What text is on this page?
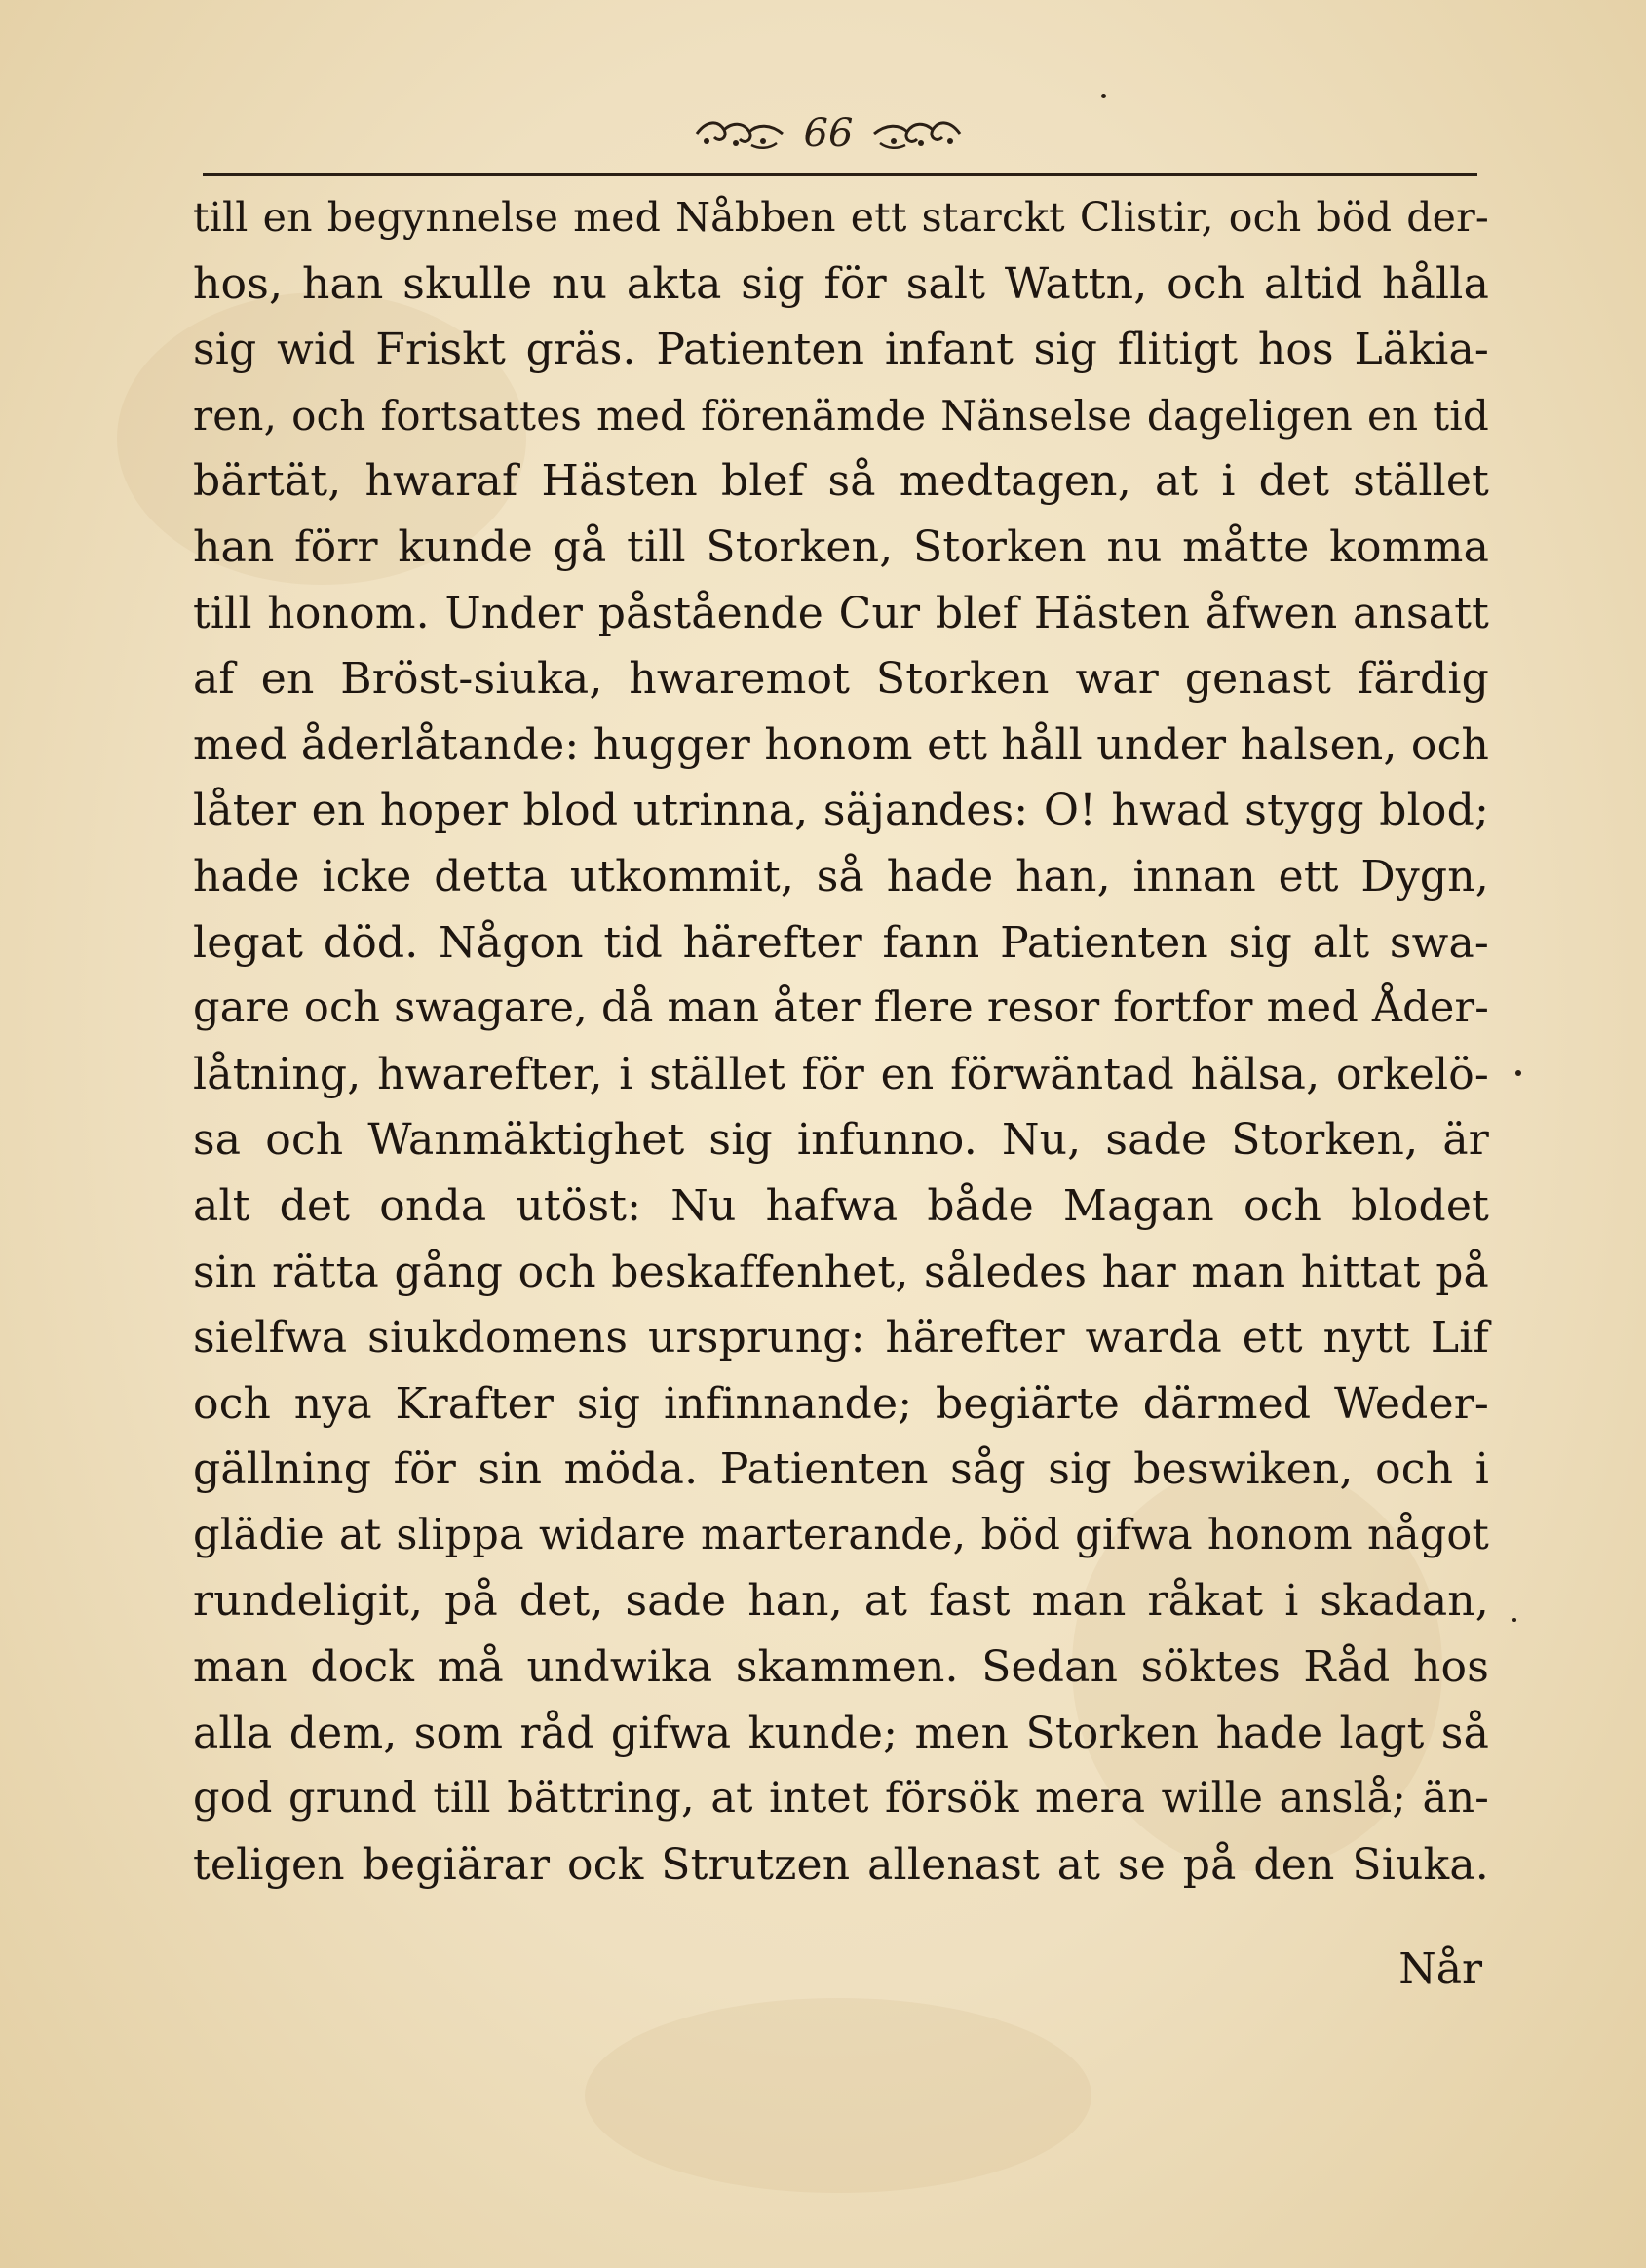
66
till en begynnelse med Nåbben ett starckt Clistir, och böd der-
hos, han skulle nu akta sig för salt Wattn, och altid hålla
sig wid Friskt gräs. Patienten infant sig flitigt hos Läkia-
ren, och fortsattes med förenämde Nänselse dageligen en tid
bärtät, hwaraf Hästen blef så medtagen, at i det stället
han förr kunde gå till Storken, Storken nu måtte komma
till honom. Under påstående Cur blef Hästen åfwen ansatt
af en Bröst-siuka, hwaremot Storken war genast färdig
med åderlåtande: hugger honom ett håll under halsen, och
låter en hoper blod utrinna, säjandes: O! hwad stygg blod;
hade icke detta utkommit, så hade han, innan ett Dygn,
legat död. Någon tid härefter fann Patienten sig alt swa-
gare och swagare, då man åter flere resor fortfor med Åder-
låtning, hwarefter, i stället för en förwäntad hälsa, orkelö-
sa och Wanmäktighet sig infunno. Nu, sade Storken, är
alt det onda utöst: Nu hafwa både Magan och blodet
sin rätta gång och beskaffenhet, således har man hittat på
sielfwa siukdomens ursprung: härefter warda ett nytt Lif
och nya Krafter sig infinnande; begiärte därmed Weder-
gällning för sin möda. Patienten såg sig beswiken, och i
glädie at slippa widare marterande, böd gifwa honom något
rundeligit, på det, sade han, at fast man råkat i skadan,
man dock må undwika skammen. Sedan söktes Råd hos
alla dem, som råd gifwa kunde; men Storken hade lagt så
god grund till bättring, at intet försök mera wille anslå; än-
teligen begiärar ock Strutzen allenast at se på den Siuka.
Når
